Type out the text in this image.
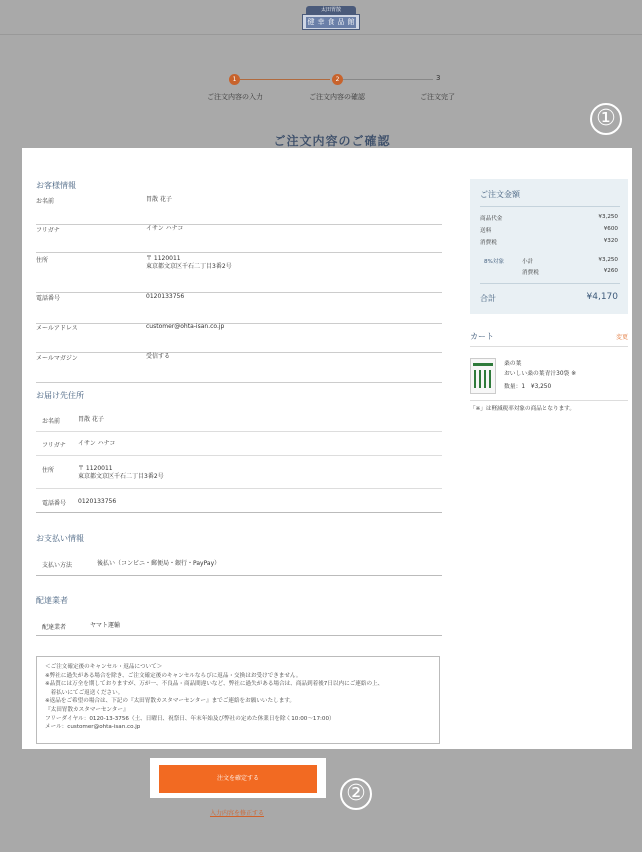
太田胃散
健 幸 食 品 館
1	2	3
ご注文内容の入力	ご注文内容の確認	ご注文完了
①
ご注文内容のご確認
お客様情報
お名前	胃散 花子
フリガナ	イサン ハナコ
住所	〒 1120011
東京都文京区千石二丁目3番2号
電話番号	0120133756
メールアドレス	customer@ohta-isan.co.jp
メールマガジン	受信する
お届け先住所
お名前	胃散 花子
フリガナ イサン ハナコ
住所	〒 1120011
東京都文京区千石二丁目3番2号
電話番号 0120133756
お支払い情報
支払い方法	後払い（コンビニ・郵便局・銀行・PayPay）
配達業者
配達業者	ヤマト運輸
＜ご注文確定後のキャンセル・返品について＞
※弊社に過失がある場合を除き、ご注文確定後のキャンセルならびに返品・交換はお受けできません。
※品質には万全を期しておりますが、万が一、不良品・商品間違いなど、弊社に過失がある場合は、商品到着後7日以内にご連絡の上、
　着払いにてご返送ください。
※返品をご希望の場合は、下記の『太田胃散カスタマーセンター』までご連絡をお願いいたします。
『太田胃散カスタマーセンター』
フリーダイヤル：0120-13-3756（土、日曜日、祝祭日、年末年始及び弊社の定めた休業日を除く10:00〜17:00）
メール：customer@ohta-isan.co.jp
ご注文金額
商品代金	¥3,250
送料	¥600
消費税	¥320
8%対象	小計	¥3,250
消費税	¥260
合計	¥4,170
カート	変更
桑の葉
おいしい桑の葉青汁30袋 ※
数量：1　¥3,250
「※」は軽減税率対象の商品となります。
注文を確定する
②
入力内容を修正する
